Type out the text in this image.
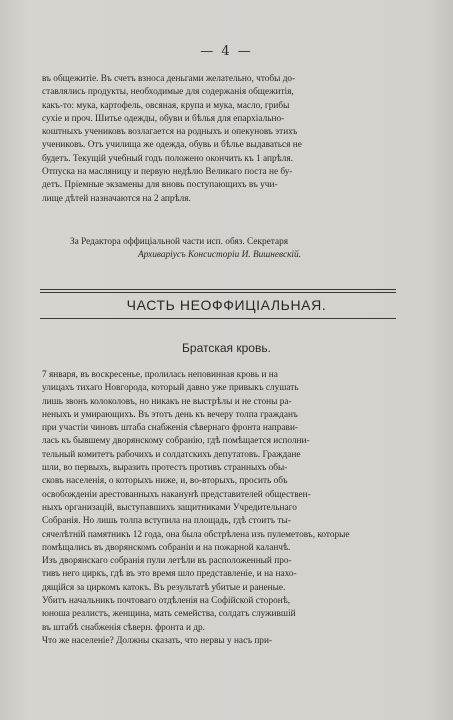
— 4 —
въ общежитіе. Въ счетъ взноса деньгами желательно, чтобы до-
ставлялись продукты, необходимые для содержанія общежитія,
какъ-то: мука, картофель, овсяная, крупа и мука, масло, грибы
сухіе и проч. Шитье одежды, обуви и бѣлья для епархіально-
коштныхъ учениковъ возлагается на родныхъ и опекуновъ этихъ
учениковъ. Отъ училища же одежда, обувь и бѣлье выдаваться не
будетъ. Текущій учебный годъ положено окончить къ 1 апрѣля.
Отпуска на масляницу и первую недѣлю Великаго поста не бу-
детъ. Пріемные экзамены для вновь поступающихъ въ учи-
лище дѣтей назначаются на 2 апрѣля.
За Редактора оффиціальной части исп. обяз. Секретаря
Архиваріусъ Консисторіи И. Вишневскій.
ЧАСТЬ НЕОФФИЦІАЛЬНАЯ.
Братская кровь.
7 января, въ воскресенье, пролилась неповинная кровь и на
улицахъ тихаго Новгорода, который давно уже привыкъ слушать
лишь звонъ колоколовъ, но никакъ не выстрѣлы и не стоны ра-
неныхъ и умирающихъ. Въ этотъ день къ вечеру толпа гражданъ
при участіи чиновъ штаба снабженія сѣвернаго фронта направи-
лась къ бывшему дворянскому собранію, гдѣ помѣщается исполни-
тельный комитетъ рабочихъ и солдатскихъ депутатовъ. Граждане
шли, во первыхъ, выразить протестъ противъ странныхъ обы-
сковъ населенія, о которыхъ ниже, и, во-вторыхъ, просить объ
освобожденіи арестованныхъ наканунѣ представителей обществен-
ныхъ организацій, выступавшихъ защитниками Учредительнаго
Собранія. Но лишь толпа вступила на площадь, гдѣ стоитъ ты-
сячелѣтній памятникъ 12 года, она была обстрѣлена изъ пулеметовъ, которые
помѣщались въ дворянскомъ собраніи и на пожарной каланчѣ.
Изъ дворянскаго собранія пули летѣли въ расположенный про-
тивъ него циркъ, гдѣ въ это время шло представленіе, и на нахо-
дящійся за циркомъ катокъ. Въ результатѣ убитые и раненые.
Убитъ начальникъ почтоваго отдѣленія на Софійской сторонѣ,
юноша реалистъ, женщина, мать семейства, солдатъ служившій
въ штабѣ снабженія сѣверн. фронта и др.
Что же населеніе? Должны сказать, что нервы у насъ при-
